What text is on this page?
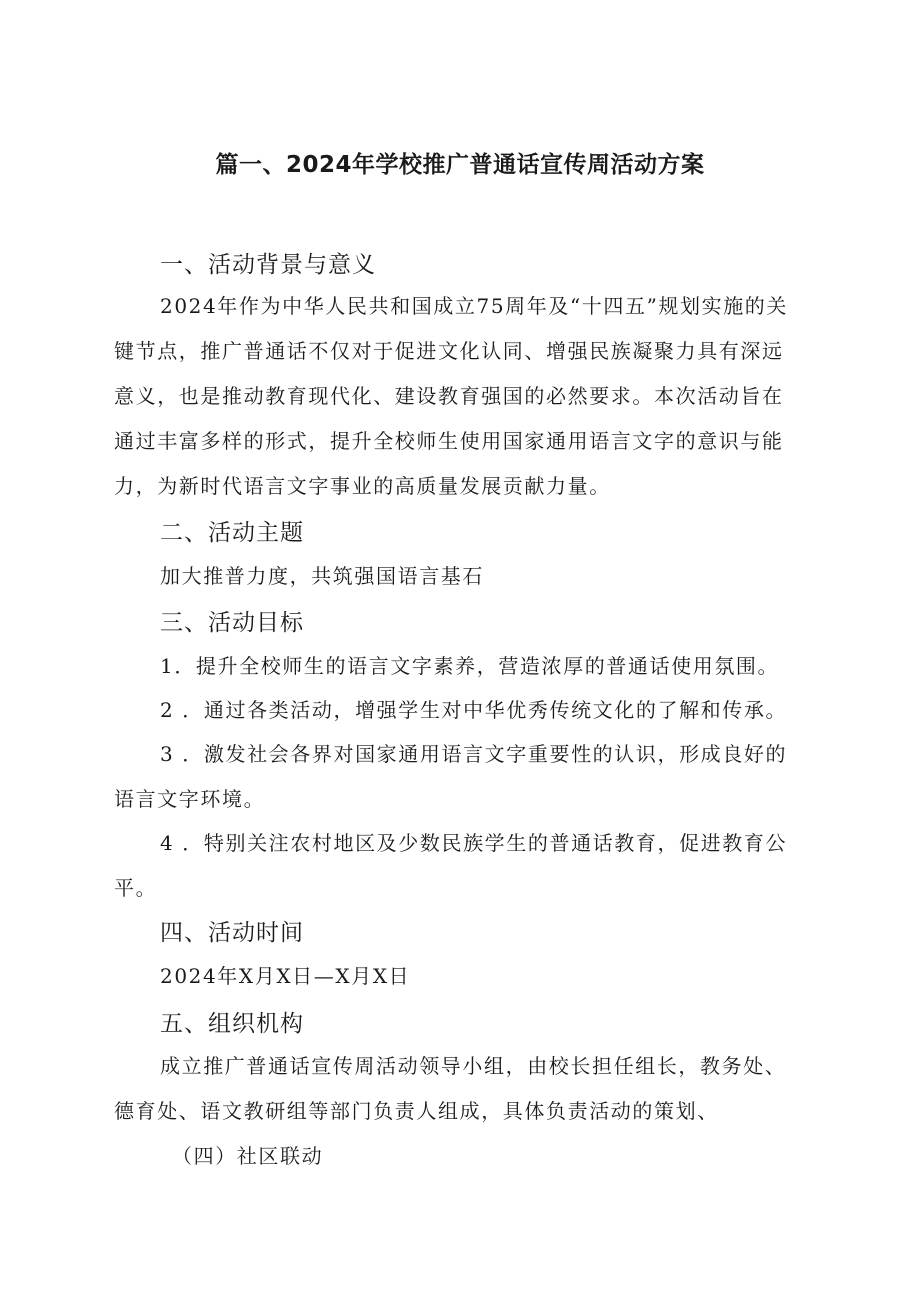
篇一、2024年学校推广普通话宣传周活动方案
一、活动背景与意义
2024年作为中华人民共和国成立75周年及“十四五”规划实施的关
键节点，推广普通话不仅对于促进文化认同、增强民族凝聚力具有深远
意义，也是推动教育现代化、建设教育强国的必然要求。本次活动旨在
通过丰富多样的形式，提升全校师生使用国家通用语言文字的意识与能
力，为新时代语言文字事业的高质量发展贡献力量。
二、活动主题
加大推普力度，共筑强国语言基石
三、活动目标
1．提升全校师生的语言文字素养，营造浓厚的普通话使用氛围。
2 ．通过各类活动，增强学生对中华优秀传统文化的了解和传承。
3 ．激发社会各界对国家通用语言文字重要性的认识，形成良好的
语言文字环境。
4 ．特别关注农村地区及少数民族学生的普通话教育，促进教育公
平。
四、活动时间
2024年X月X日—X月X日
五、组织机构
成立推广普通话宣传周活动领导小组，由校长担任组长，教务处、
德育处、语文教研组等部门负责人组成，具体负责活动的策划、
（四）社区联动
